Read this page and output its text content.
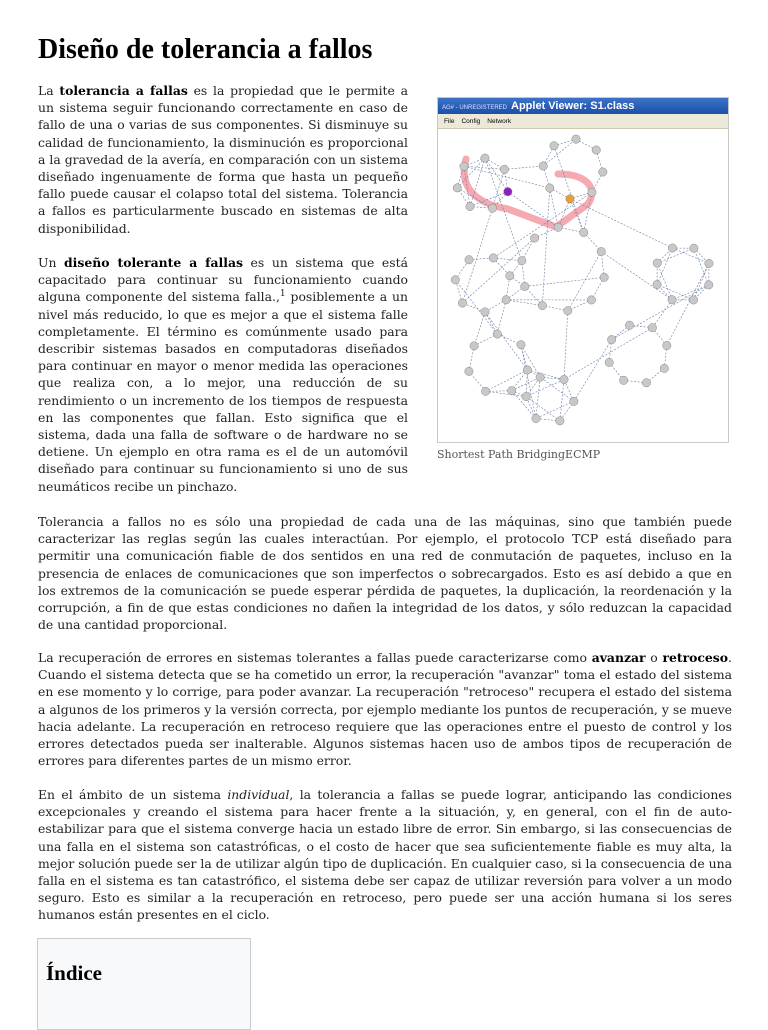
Diseño de tolerancia a fallos

La tolerancia a fallas es la propiedad que le permite a un sistema seguir funcionando correctamente en caso de fallo de una o varias de sus componentes. Si disminuye su calidad de funcionamiento, la disminución es proporcional a la gravedad de la avería, en comparación con un sistema diseñado ingenuamente de forma que hasta un pequeño fallo puede causar el colapso total del sistema. Tolerancia a fallos es particularmente buscado en sistemas de alta disponibilidad.

Un diseño tolerante a fallas es un sistema que está capacitado para continuar su funcionamiento cuando alguna componente del sistema falla.,$^1$ posiblemente a un nivel más reducido, lo que es mejor a que el sistema falle completamente. El término es comúnmente usado para describir sistemas basados en computadoras diseñados para continuar en mayor o menor medida las operaciones que realiza con, a lo mejor, una reducción de su rendimiento o un incremento de los tiempos de respuesta en las componentes que fallan. Esto significa que el sistema, dada una falla de software o de hardware no se detiene. Un ejemplo en otra rama es el de un automóvil diseñado para continuar su funcionamiento si uno de sus neumáticos recibe un pinchazo.

AG# - UNREGISTERED Applet Viewer: S1.class
File Config Network
Shortest Path BridgingECMP

Tolerancia a fallos no es sólo una propiedad de cada una de las máquinas, sino que también puede caracterizar las reglas según las cuales interactúan. Por ejemplo, el protocolo TCP está diseñado para permitir una comunicación fiable de dos sentidos en una red de conmutación de paquetes, incluso en la presencia de enlaces de comunicaciones que son imperfectos o sobrecargados. Esto es así debido a que en los extremos de la comunicación se puede esperar pérdida de paquetes, la duplicación, la reordenación y la corrupción, a fin de que estas condiciones no dañen la integridad de los datos, y sólo reduzcan la capacidad de una cantidad proporcional.

La recuperación de errores en sistemas tolerantes a fallas puede caracterizarse como avanzar o retroceso. Cuando el sistema detecta que se ha cometido un error, la recuperación "avanzar" toma el estado del sistema en ese momento y lo corrige, para poder avanzar. La recuperación "retroceso" recupera el estado del sistema a algunos de los primeros y la versión correcta, por ejemplo mediante los puntos de recuperación, y se mueve hacia adelante. La recuperación en retroceso requiere que las operaciones entre el puesto de control y los errores detectados pueda ser inalterable. Algunos sistemas hacen uso de ambos tipos de recuperación de errores para diferentes partes de un mismo error.

En el ámbito de un sistema individual, la tolerancia a fallas se puede lograr, anticipando las condiciones excepcionales y creando el sistema para hacer frente a la situación, y, en general, con el fin de auto-estabilizar para que el sistema converge hacia un estado libre de error. Sin embargo, si las consecuencias de una falla en el sistema son catastróficas, o el costo de hacer que sea suficientemente fiable es muy alta, la mejor solución puede ser la de utilizar algún tipo de duplicación. En cualquier caso, si la consecuencia de una falla en el sistema es tan catastrófico, el sistema debe ser capaz de utilizar reversión para volver a un modo seguro. Esto es similar a la recuperación en retroceso, pero puede ser una acción humana si los seres humanos están presentes en el ciclo.

Índice
